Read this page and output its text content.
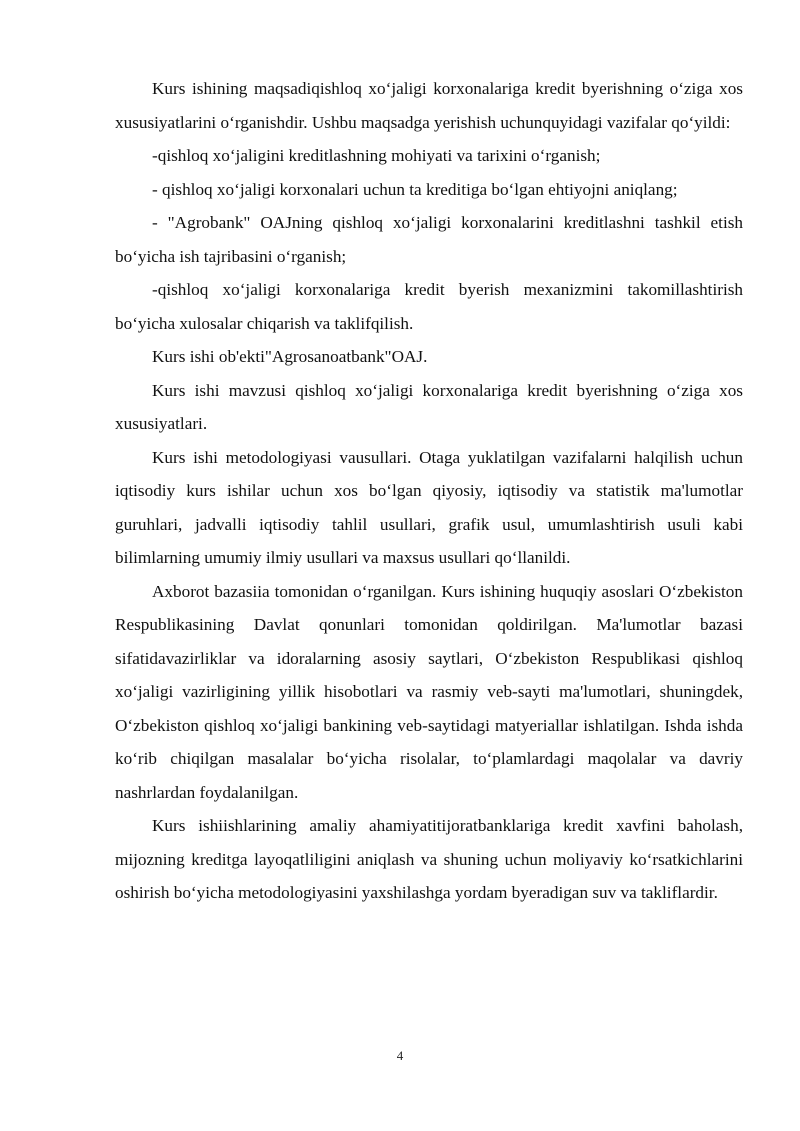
Kurs ishining maqsadiqishloq xo‘jaligi korxonalariga kredit byerishning o‘ziga xos xususiyatlarini o‘rganishdir. Ushbu maqsadga yerishish uchunquyidagi vazifalar qo‘yildi:

-qishloq xo‘jaligini kreditlashning mohiyati va tarixini o‘rganish;

- qishloq xo‘jaligi korxonalari uchun ta kreditiga bo‘lgan ehtiyojni aniqlang;

- "Agrobank" OAJning qishloq xo‘jaligi korxonalarini kreditlashni tashkil etish bo‘yicha ish tajribasini o‘rganish;

-qishloq xo‘jaligi korxonalariga kredit byerish mexanizmini takomillashtirish bo‘yicha xulosalar chiqarish va taklifqilish.

Kurs ishi ob'ekti"Agrosanoatbank"OAJ.

Kurs ishi mavzusi qishloq xo‘jaligi korxonalariga kredit byerishning o‘ziga xos xususiyatlari.

Kurs ishi metodologiyasi vausullari. Otaga yuklatilgan vazifalarni halqilish uchun iqtisodiy kurs ishilar uchun xos bo‘lgan qiyosiy, iqtisodiy va statistik ma'lumotlar guruhlari, jadvalli iqtisodiy tahlil usullari, grafik usul, umumlashtirish usuli kabi bilimlarning umumiy ilmiy usullari va maxsus usullari qo‘llanildi.

Axborot bazasiia tomonidan o‘rganilgan. Kurs ishining huquqiy asoslari O‘zbekiston Respublikasining Davlat qonunlari tomonidan qoldirilgan. Ma'lumotlar bazasi sifatidavazirliklar va idoralarning asosiy saytlari, O‘zbekiston Respublikasi qishloq xo‘jaligi vazirligining yillik hisobotlari va rasmiy veb-sayti ma'lumotlari, shuningdek, O‘zbekiston qishloq xo‘jaligi bankining veb-saytidagi matyeriallar ishlatilgan. Ishda ishda ko‘rib chiqilgan masalalar bo‘yicha risolalar, to‘plamlardagi maqolalar va davriy nashrlardan foydalanilgan.

Kurs ishiishlarining amaliy ahamiyatitijoratbanklariga kredit xavfini baholash, mijozning kreditga layoqatliligini aniqlash va shuning uchun moliyaviy ko‘rsatkichlarini oshirish bo‘yicha metodologiyasini yaxshilashga yordam byeradigan suv va takliflardir.

4
